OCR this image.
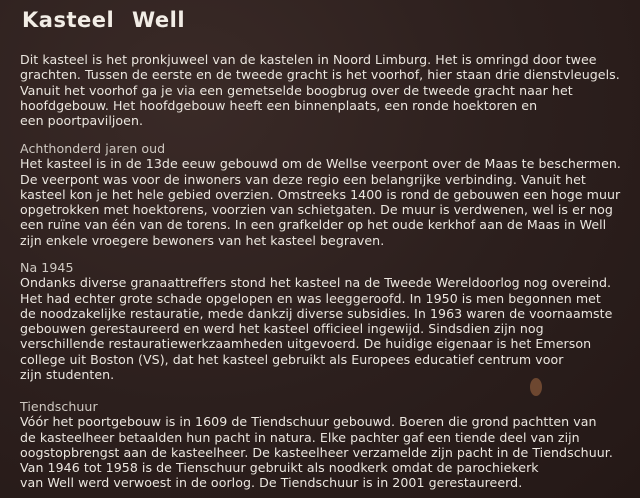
Kasteel Well
Dit kasteel is het pronkjuweel van de kastelen in Noord Limburg. Het is omringd door twee
grachten. Tussen de eerste en de tweede gracht is het voorhof, hier staan drie dienstvleugels.
Vanuit het voorhof ga je via een gemetselde boogbrug over de tweede gracht naar het
hoofdgebouw. Het hoofdgebouw heeft een binnenplaats, een ronde hoektoren en
een poortpaviljoen.
Achthonderd jaren oud
Het kasteel is in de 13de eeuw gebouwd om de Wellse veerpont over de Maas te beschermen.
De veerpont was voor de inwoners van deze regio een belangrijke verbinding. Vanuit het
kasteel kon je het hele gebied overzien. Omstreeks 1400 is rond de gebouwen een hoge muur
opgetrokken met hoektorens, voorzien van schietgaten. De muur is verdwenen, wel is er nog
een ruïne van één van de torens. In een grafkelder op het oude kerkhof aan de Maas in Well
zijn enkele vroegere bewoners van het kasteel begraven.
Na 1945
Ondanks diverse granaattreffers stond het kasteel na de Tweede Wereldoorlog nog overeind.
Het had echter grote schade opgelopen en was leeggeroofd. In 1950 is men begonnen met
de noodzakelijke restauratie, mede dankzij diverse subsidies. In 1963 waren de voornaamste
gebouwen gerestaureerd en werd het kasteel officieel ingewijd. Sindsdien zijn nog
verschillende restauratiewerkzaamheden uitgevoerd. De huidige eigenaar is het Emerson
college uit Boston (VS), dat het kasteel gebruikt als Europees educatief centrum voor
zijn studenten.
Tiendschuur
Vóór het poortgebouw is in 1609 de Tiendschuur gebouwd. Boeren die grond pachtten van
de kasteelheer betaalden hun pacht in natura. Elke pachter gaf een tiende deel van zijn
oogstopbrengst aan de kasteelheer. De kasteelheer verzamelde zijn pacht in de Tiendschuur.
Van 1946 tot 1958 is de Tienschuur gebruikt als noodkerk omdat de parochiekerk
van Well werd verwoest in de oorlog. De Tiendschuur is in 2001 gerestaureerd.
